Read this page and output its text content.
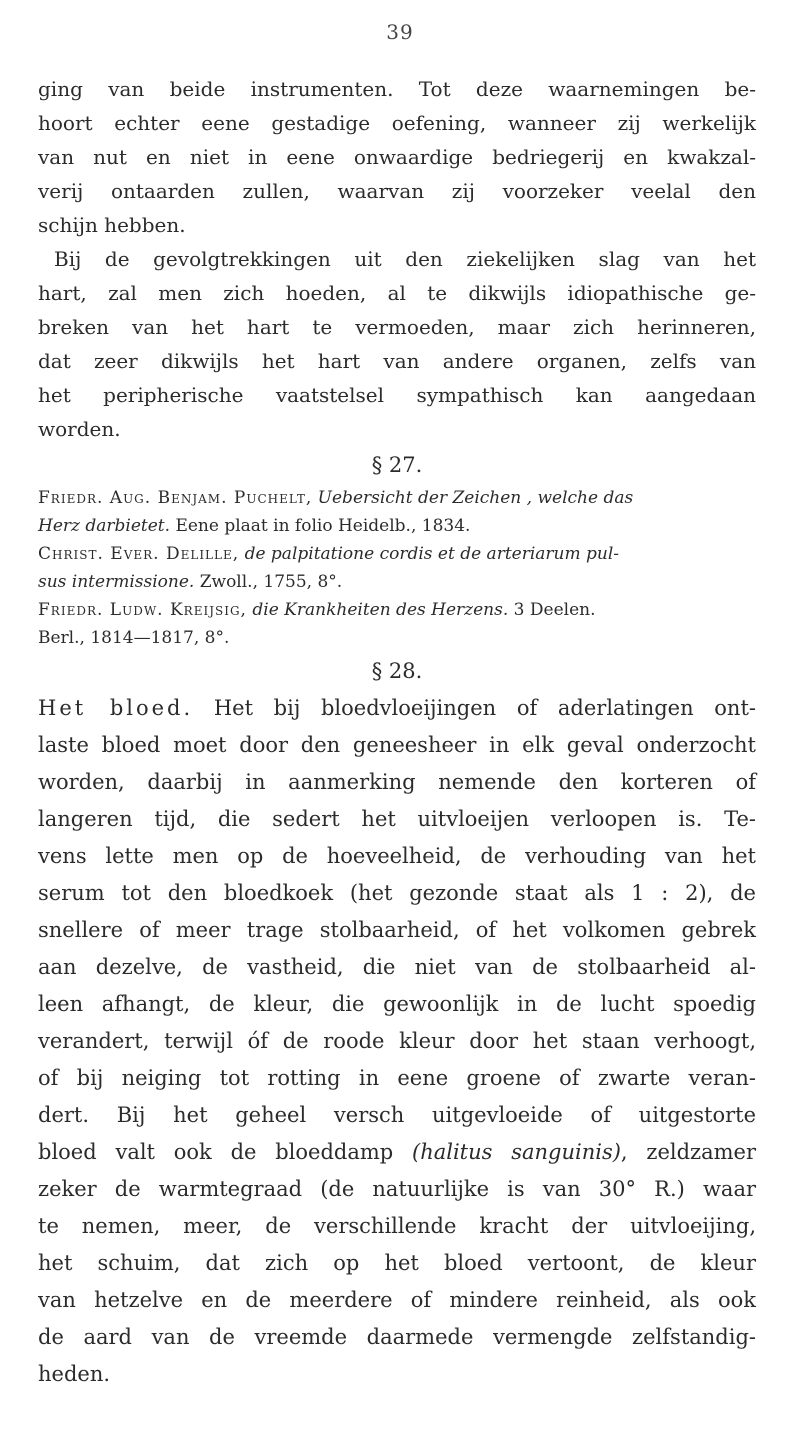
39
ging van beide instrumenten. Tot deze waarnemingen be-
hoort echter eene gestadige oefening, wanneer zij werkelijk
van nut en niet in eene onwaardige bedriegerij en kwakzal-
verij ontaarden zullen, waarvan zij voorzeker veelal den
schijn hebben.
Bij de gevolgtrekkingen uit den ziekelijken slag van het
hart, zal men zich hoeden, al te dikwijls idiopathische ge-
breken van het hart te vermoeden, maar zich herinneren,
dat zeer dikwijls het hart van andere organen, zelfs van
het peripherische vaatstelsel sympathisch kan aangedaan
worden.
§ 27.
Friedr. Aug. Benjam. Puchelt, Uebersicht der Zeichen , welche das
Herz darbietet. Eene plaat in folio Heidelb., 1834.
Christ. Ever. Delille, de palpitatione cordis et de arteriarum pul-
sus intermissione. Zwoll., 1755, 8°.
Friedr. Ludw. Kreijsig, die Krankheiten des Herzens. 3 Deelen.
Berl., 1814—1817, 8°.
§ 28.
Het bloed. Het bij bloedvloeijingen of aderlatingen ont-
laste bloed moet door den geneesheer in elk geval onderzocht
worden, daarbij in aanmerking nemende den korteren of
langeren tijd, die sedert het uitvloeijen verloopen is. Te-
vens lette men op de hoeveelheid, de verhouding van het
serum tot den bloedkoek (het gezonde staat als 1 : 2), de
snellere of meer trage stolbaarheid, of het volkomen gebrek
aan dezelve, de vastheid, die niet van de stolbaarheid al-
leen afhangt, de kleur, die gewoonlijk in de lucht spoedig
verandert, terwijl óf de roode kleur door het staan verhoogt,
of bij neiging tot rotting in eene groene of zwarte veran-
dert. Bij het geheel versch uitgevloeide of uitgestorte
bloed valt ook de bloeddamp (halitus sanguinis), zeldzamer
zeker de warmtegraad (de natuurlijke is van 30° R.) waar
te nemen, meer, de verschillende kracht der uitvloeijing,
het schuim, dat zich op het bloed vertoont, de kleur
van hetzelve en de meerdere of mindere reinheid, als ook
de aard van de vreemde daarmede vermengde zelfstandig-
heden.
